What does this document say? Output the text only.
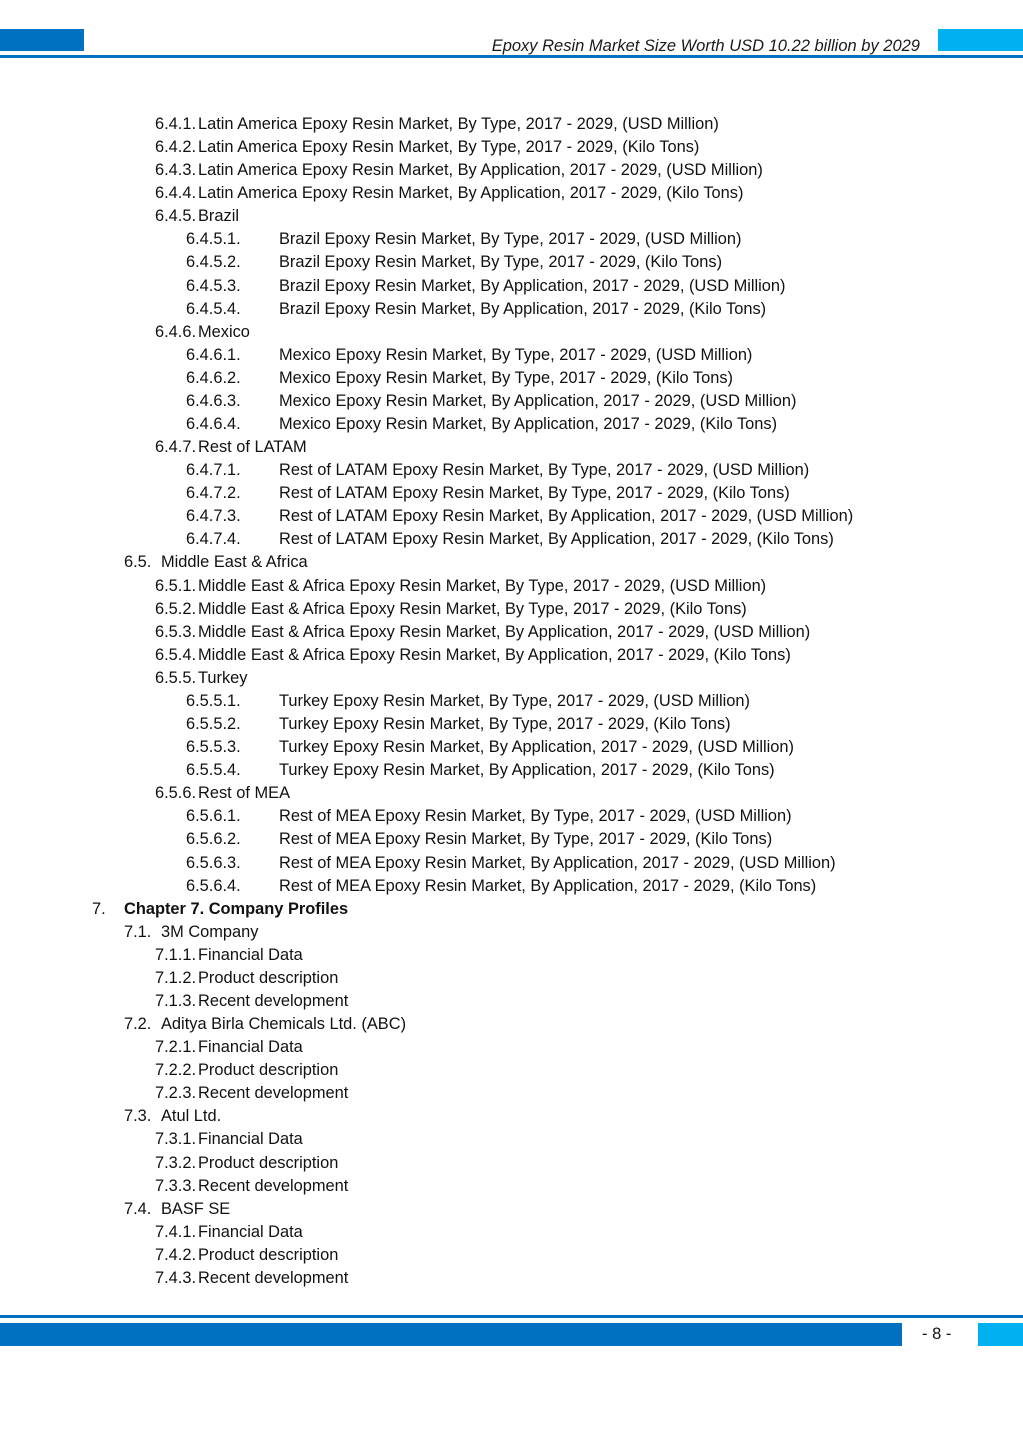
Epoxy Resin Market Size Worth USD 10.22 billion by 2029
6.4.1. Latin America Epoxy Resin Market, By Type, 2017 - 2029, (USD Million)
6.4.2. Latin America Epoxy Resin Market, By Type, 2017 - 2029, (Kilo Tons)
6.4.3. Latin America Epoxy Resin Market, By Application, 2017 - 2029, (USD Million)
6.4.4. Latin America Epoxy Resin Market, By Application, 2017 - 2029, (Kilo Tons)
6.4.5. Brazil
6.4.5.1. Brazil Epoxy Resin Market, By Type, 2017 - 2029, (USD Million)
6.4.5.2. Brazil Epoxy Resin Market, By Type, 2017 - 2029, (Kilo Tons)
6.4.5.3. Brazil Epoxy Resin Market, By Application, 2017 - 2029, (USD Million)
6.4.5.4. Brazil Epoxy Resin Market, By Application, 2017 - 2029, (Kilo Tons)
6.4.6. Mexico
6.4.6.1. Mexico Epoxy Resin Market, By Type, 2017 - 2029, (USD Million)
6.4.6.2. Mexico Epoxy Resin Market, By Type, 2017 - 2029, (Kilo Tons)
6.4.6.3. Mexico Epoxy Resin Market, By Application, 2017 - 2029, (USD Million)
6.4.6.4. Mexico Epoxy Resin Market, By Application, 2017 - 2029, (Kilo Tons)
6.4.7. Rest of LATAM
6.4.7.1. Rest of LATAM Epoxy Resin Market, By Type, 2017 - 2029, (USD Million)
6.4.7.2. Rest of LATAM Epoxy Resin Market, By Type, 2017 - 2029, (Kilo Tons)
6.4.7.3. Rest of LATAM Epoxy Resin Market, By Application, 2017 - 2029, (USD Million)
6.4.7.4. Rest of LATAM Epoxy Resin Market, By Application, 2017 - 2029, (Kilo Tons)
6.5. Middle East & Africa
6.5.1. Middle East & Africa Epoxy Resin Market, By Type, 2017 - 2029, (USD Million)
6.5.2. Middle East & Africa Epoxy Resin Market, By Type, 2017 - 2029, (Kilo Tons)
6.5.3. Middle East & Africa Epoxy Resin Market, By Application, 2017 - 2029, (USD Million)
6.5.4. Middle East & Africa Epoxy Resin Market, By Application, 2017 - 2029, (Kilo Tons)
6.5.5. Turkey
6.5.5.1. Turkey Epoxy Resin Market, By Type, 2017 - 2029, (USD Million)
6.5.5.2. Turkey Epoxy Resin Market, By Type, 2017 - 2029, (Kilo Tons)
6.5.5.3. Turkey Epoxy Resin Market, By Application, 2017 - 2029, (USD Million)
6.5.5.4. Turkey Epoxy Resin Market, By Application, 2017 - 2029, (Kilo Tons)
6.5.6. Rest of MEA
6.5.6.1. Rest of MEA Epoxy Resin Market, By Type, 2017 - 2029, (USD Million)
6.5.6.2. Rest of MEA Epoxy Resin Market, By Type, 2017 - 2029, (Kilo Tons)
6.5.6.3. Rest of MEA Epoxy Resin Market, By Application, 2017 - 2029, (USD Million)
6.5.6.4. Rest of MEA Epoxy Resin Market, By Application, 2017 - 2029, (Kilo Tons)
7. Chapter 7. Company Profiles
7.1. 3M Company
7.1.1. Financial Data
7.1.2. Product description
7.1.3. Recent development
7.2. Aditya Birla Chemicals Ltd. (ABC)
7.2.1. Financial Data
7.2.2. Product description
7.2.3. Recent development
7.3. Atul Ltd.
7.3.1. Financial Data
7.3.2. Product description
7.3.3. Recent development
7.4. BASF SE
7.4.1. Financial Data
7.4.2. Product description
7.4.3. Recent development
- 8 -
